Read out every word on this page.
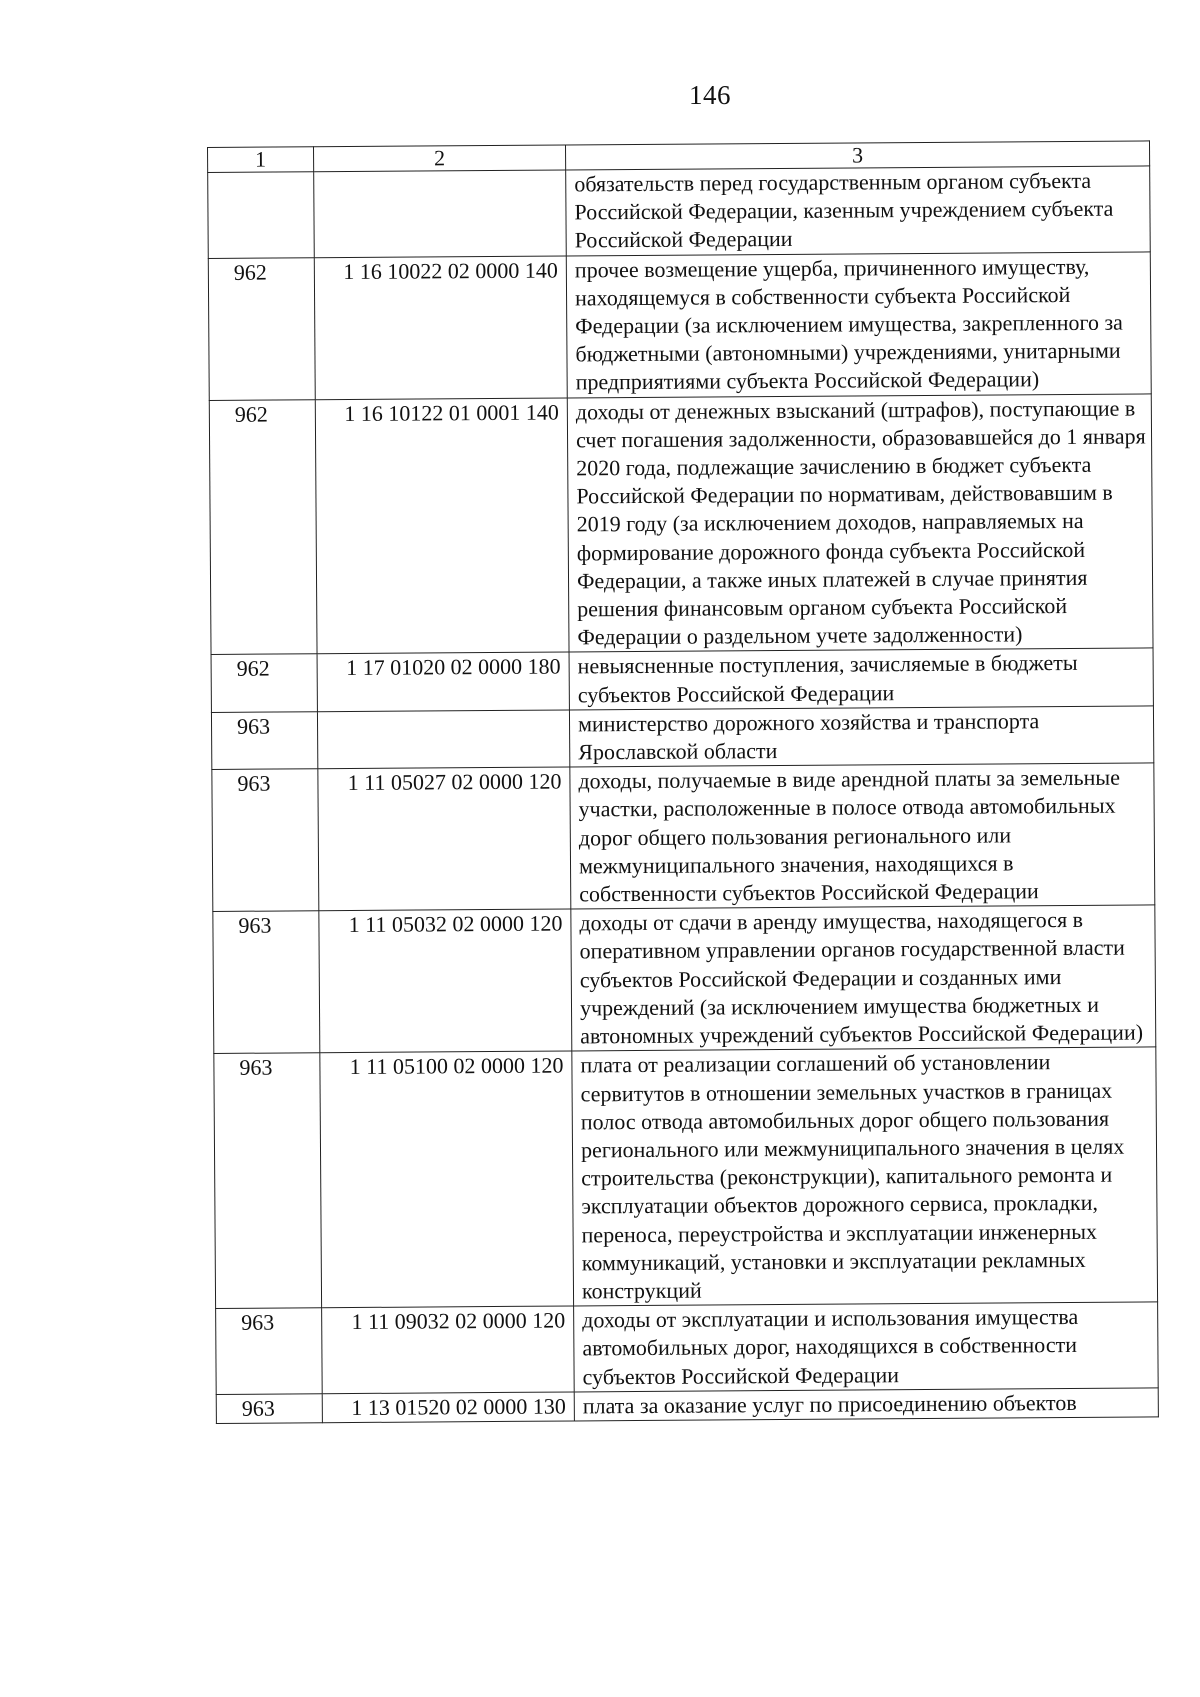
146
1	2	3
		обязательств перед государственным органом субъекта Российской Федерации, казенным учреждением субъекта Российской Федерации
962	1 16 10022 02 0000 140	прочее возмещение ущерба, причиненного имуществу, находящемуся в собственности субъекта Российской Федерации (за исключением имущества, закрепленного за бюджетными (автономными) учреждениями, унитарными предприятиями субъекта Российской Федерации)
962	1 16 10122 01 0001 140	доходы от денежных взысканий (штрафов), поступающие в счет погашения задолженности, образовавшейся до 1 января 2020 года, подлежащие зачислению в бюджет субъекта Российской Федерации по нормативам, действовавшим в 2019 году (за исключением доходов, направляемых на формирование дорожного фонда субъекта Российской Федерации, а также иных платежей в случае принятия решения финансовым органом субъекта Российской Федерации о раздельном учете задолженности)
962	1 17 01020 02 0000 180	невыясненные поступления, зачисляемые в бюджеты субъектов Российской Федерации
963		министерство дорожного хозяйства и транспорта Ярославской области
963	1 11 05027 02 0000 120	доходы, получаемые в виде арендной платы за земельные участки, расположенные в полосе отвода автомобильных дорог общего пользования регионального или межмуниципального значения, находящихся в собственности субъектов Российской Федерации
963	1 11 05032 02 0000 120	доходы от сдачи в аренду имущества, находящегося в оперативном управлении органов государственной власти субъектов Российской Федерации и созданных ими учреждений (за исключением имущества бюджетных и автономных учреждений субъектов Российской Федерации)
963	1 11 05100 02 0000 120	плата от реализации соглашений об установлении сервитутов в отношении земельных участков в границах полос отвода автомобильных дорог общего пользования регионального или межмуниципального значения в целях строительства (реконструкции), капитального ремонта и эксплуатации объектов дорожного сервиса, прокладки, переноса, переустройства и эксплуатации инженерных коммуникаций, установки и эксплуатации рекламных конструкций
963	1 11 09032 02 0000 120	доходы от эксплуатации и использования имущества автомобильных дорог, находящихся в собственности субъектов Российской Федерации
963	1 13 01520 02 0000 130	плата за оказание услуг по присоединению объектов
